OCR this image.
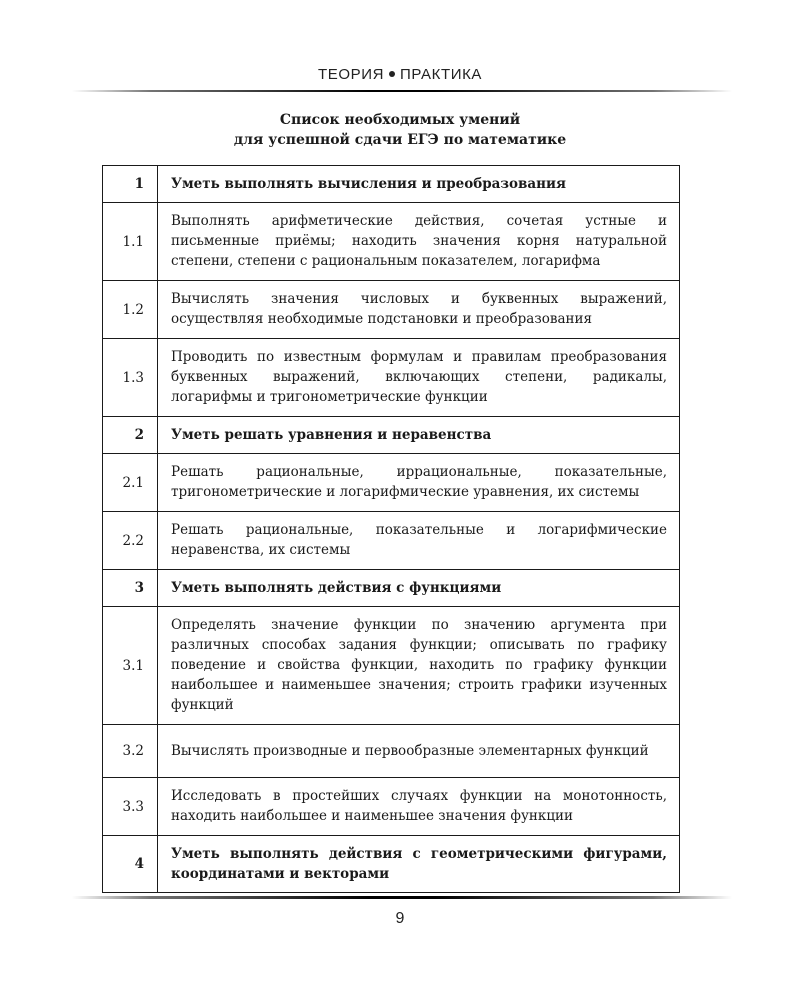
ТЕОРИЯ ПРАКТИКА
Список необходимых умений
для успешной сдачи ЕГЭ по математике
1	Уметь выполнять вычисления и преобразования
1.1	Выполнять арифметические действия, сочетая устные и письменные приёмы; находить значения корня натуральной степени, степени с рациональным показателем, логарифма
1.2	Вычислять значения числовых и буквенных выражений, осуществляя необходимые подстановки и преобразования
1.3	Проводить по известным формулам и правилам преобразования буквенных выражений, включающих степени, радикалы, логарифмы и тригонометрические функции
2	Уметь решать уравнения и неравенства
2.1	Решать рациональные, иррациональные, показательные, тригонометрические и логарифмические уравнения, их системы
2.2	Решать рациональные, показательные и логарифмические неравенства, их системы
3	Уметь выполнять действия с функциями
3.1	Определять значение функции по значению аргумента при различных способах задания функции; описывать по графику поведение и свойства функции, находить по графику функции наибольшее и наименьшее значения; строить графики изученных функций
3.2	Вычислять производные и первообразные элементарных функций
3.3	Исследовать в простейших случаях функции на монотонность, находить наибольшее и наименьшее значения функции
4	Уметь выполнять действия с геометрическими фигурами, координатами и векторами
9
